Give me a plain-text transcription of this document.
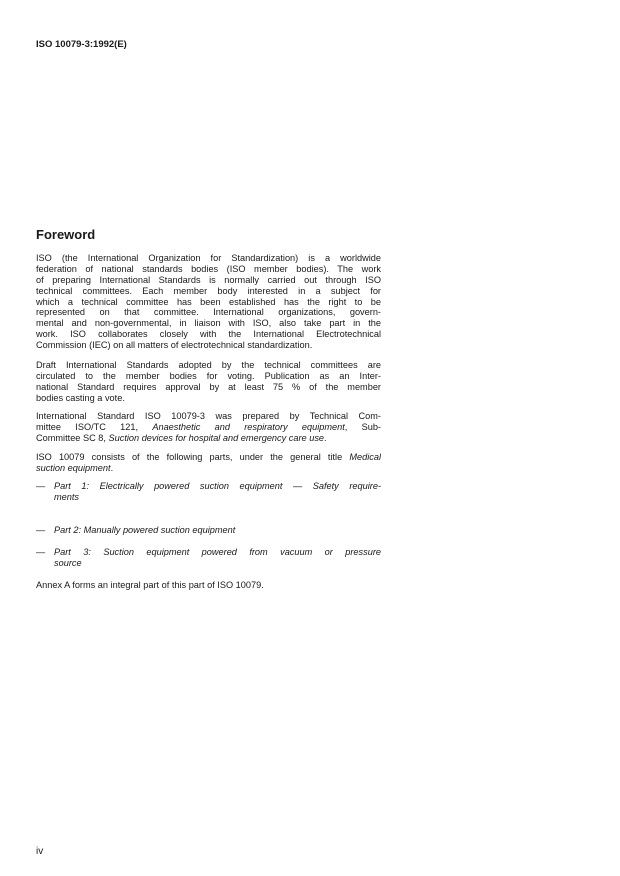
ISO 10079-3:1992(E)
Foreword
ISO (the International Organization for Standardization) is a worldwide
federation of national standards bodies (ISO member bodies). The work
of preparing International Standards is normally carried out through ISO
technical committees. Each member body interested in a subject for
which a technical committee has been established has the right to be
represented on that committee. International organizations, govern-
mental and non-governmental, in liaison with ISO, also take part in the
work. ISO collaborates closely with the International Electrotechnical
Commission (IEC) on all matters of electrotechnical standardization.
Draft International Standards adopted by the technical committees are
circulated to the member bodies for voting. Publication as an Inter-
national Standard requires approval by at least 75 % of the member
bodies casting a vote.
International Standard ISO 10079-3 was prepared by Technical Com-
mittee ISO/TC 121, Anaesthetic and respiratory equipment, Sub-
Committee SC 8, Suction devices for hospital and emergency care use.
ISO 10079 consists of the following parts, under the general title Medical
suction equipment.
— Part 1: Electrically powered suction equipment — Safety require-
ments
— Part 2: Manually powered suction equipment
— Part 3: Suction equipment powered from vacuum or pressure
source
Annex A forms an integral part of this part of ISO 10079.
iv
